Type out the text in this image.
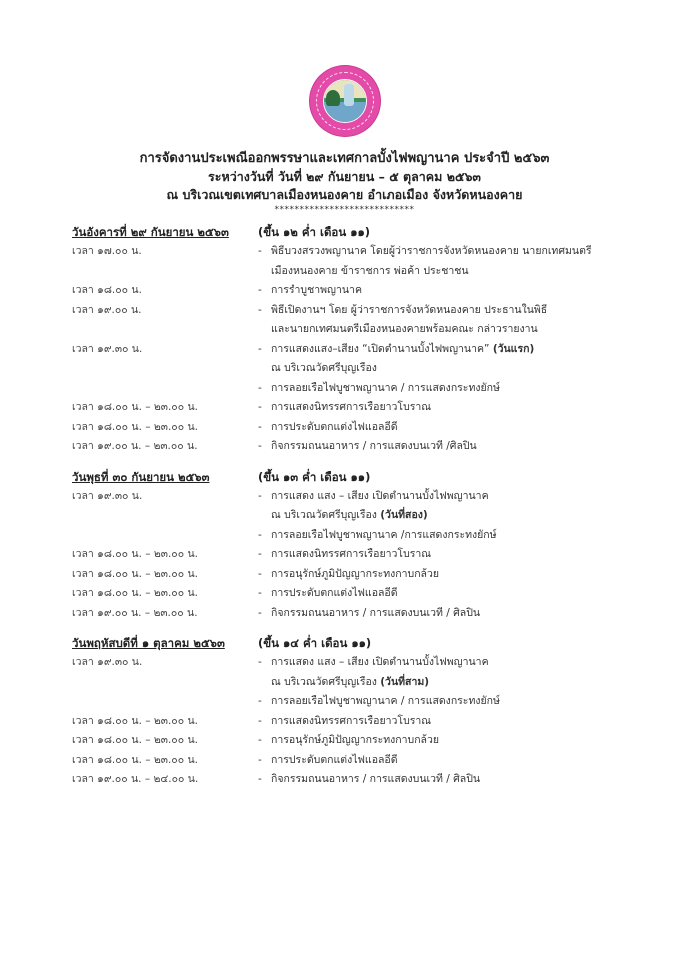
การจัดงานประเพณีออกพรรษาและเทศกาลบั้งไฟพญานาค ประจำปี ๒๕๖๓
ระหว่างวันที่ วันที่ ๒๙ กันยายน – ๕ ตุลาคม ๒๕๖๓
ณ บริเวณเขตเทศบาลเมืองหนองคาย อำเภอเมือง จังหวัดหนองคาย
****************************
วันอังคารที่ ๒๙ กันยายน ๒๕๖๓	(ขึ้น ๑๒ ค่ำ เดือน ๑๑)
เวลา ๑๗.๐๐ น.	- พิธีบวงสรวงพญานาค โดยผู้ว่าราชการจังหวัดหนองคาย นายกเทศมนตรี
เมืองหนองคาย ข้าราชการ พ่อค้า ประชาชน
เวลา ๑๘.๐๐ น.	- การรำบูชาพญานาค
เวลา ๑๙.๐๐ น.	- พิธีเปิดงานฯ โดย ผู้ว่าราชการจังหวัดหนองคาย ประธานในพิธี
และนายกเทศมนตรีเมืองหนองคายพร้อมคณะ กล่าวรายงาน
เวลา ๑๙.๓๐ น.	- การแสดงแสง–เสียง “เปิดตำนานบั้งไฟพญานาค” (วันแรก)
ณ บริเวณวัดศรีบุญเรือง
- การลอยเรือไฟบูชาพญานาค / การแสดงกระทงยักษ์
เวลา ๑๘.๐๐ น. – ๒๓.๐๐ น.	- การแสดงนิทรรศการเรือยาวโบราณ
เวลา ๑๘.๐๐ น. – ๒๓.๐๐ น.	- การประดับตกแต่งไฟแอลอีดี
เวลา ๑๙.๐๐ น. – ๒๓.๐๐ น.	- กิจกรรมถนนอาหาร / การแสดงบนเวที /ศิลปิน
วันพุธที่ ๓๐ กันยายน ๒๕๖๓	(ขึ้น ๑๓ ค่ำ เดือน ๑๑)
เวลา ๑๙.๓๐ น.	- การแสดง แสง – เสียง เปิดตำนานบั้งไฟพญานาค
ณ บริเวณวัดศรีบุญเรือง (วันที่สอง)
- การลอยเรือไฟบูชาพญานาค /การแสดงกระทงยักษ์
เวลา ๑๘.๐๐ น. – ๒๓.๐๐ น.	- การแสดงนิทรรศการเรือยาวโบราณ
เวลา ๑๘.๐๐ น. – ๒๓.๐๐ น.	- การอนุรักษ์ภูมิปัญญากระทงกาบกล้วย
เวลา ๑๘.๐๐ น. – ๒๓.๐๐ น.	- การประดับตกแต่งไฟแอลอีดี
เวลา ๑๙.๐๐ น. – ๒๓.๐๐ น.	- กิจกรรมถนนอาหาร / การแสดงบนเวที / ศิลปิน
วันพฤหัสบดีที่ ๑ ตุลาคม ๒๕๖๓	(ขึ้น ๑๔ ค่ำ เดือน ๑๑)
เวลา ๑๙.๓๐ น.	- การแสดง แสง – เสียง เปิดตำนานบั้งไฟพญานาค
ณ บริเวณวัดศรีบุญเรือง (วันที่สาม)
- การลอยเรือไฟบูชาพญานาค / การแสดงกระทงยักษ์
เวลา ๑๘.๐๐ น. – ๒๓.๐๐ น.	- การแสดงนิทรรศการเรือยาวโบราณ
เวลา ๑๘.๐๐ น. – ๒๓.๐๐ น.	- การอนุรักษ์ภูมิปัญญากระทงกาบกล้วย
เวลา ๑๘.๐๐ น. – ๒๓.๐๐ น.	- การประดับตกแต่งไฟแอลอีดี
เวลา ๑๙.๐๐ น. – ๒๔.๐๐ น.	- กิจกรรมถนนอาหาร / การแสดงบนเวที / ศิลปิน
